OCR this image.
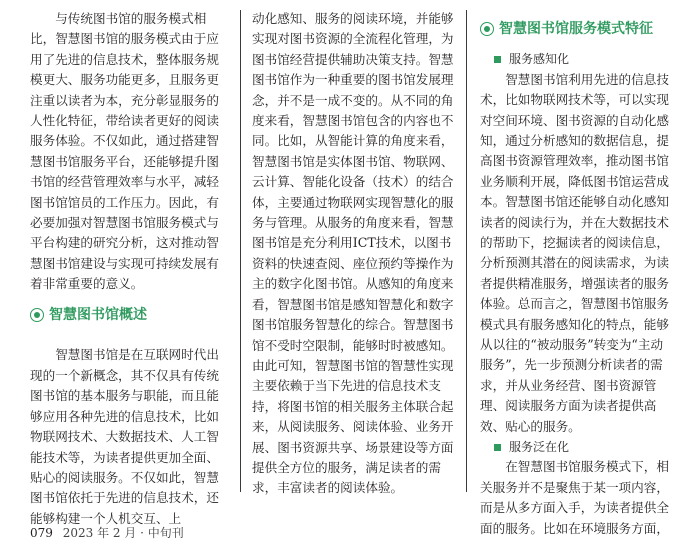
与传统图书馆的服务模式相比，智慧图书馆的服务模式由于应用了先进的信息技术，整体服务规模更大、服务功能更多，且服务更注重以读者为本，充分彰显服务的人性化特征，带给读者更好的阅读服务体验。不仅如此，通过搭建智慧图书馆服务平台，还能够提升图书馆的经营管理效率与水平，减轻图书馆馆员的工作压力。因此，有必要加强对智慧图书馆服务模式与平台构建的研究分析，这对推动智慧图书馆建设与实现可持续发展有着非常重要的意义。

智慧图书馆概述

智慧图书馆是在互联网时代出现的一个新概念，其不仅具有传统图书馆的基本服务与职能，而且能够应用各种先进的信息技术，比如物联网技术、大数据技术、人工智能技术等，为读者提供更加全面、贴心的阅读服务。不仅如此，智慧图书馆依托于先进的信息技术，还能够构建一个人机交互、上

动化感知、服务的阅读环境，并能够实现对图书资源的全流程化管理，为图书馆经营提供辅助决策支持。智慧图书馆作为一种重要的图书馆发展理念，并不是一成不变的。从不同的角度来看，智慧图书馆包含的内容也不同。比如，从智能计算的角度来看，智慧图书馆是实体图书馆、物联网、云计算、智能化设备（技术）的结合体，主要通过物联网实现智慧化的服务与管理。从服务的角度来看，智慧图书馆是充分利用ICT技术，以图书资料的快速查阅、座位预约等操作为主的数字化图书馆。从感知的角度来看，智慧图书馆是感知智慧化和数字图书馆服务智慧化的综合。智慧图书馆不受时空限制，能够时时被感知。由此可知，智慧图书馆的智慧性实现主要依赖于当下先进的信息技术支持，将图书馆的相关服务主体联合起来，从阅读服务、阅读体验、业务开展、图书资源共享、场景建设等方面提供全方位的服务，满足读者的需求，丰富读者的阅读体验。

智慧图书馆服务模式特征
服务感知化

智慧图书馆利用先进的信息技术，比如物联网技术等，可以实现对空间环境、图书资源的自动化感知，通过分析感知的数据信息，提高图书资源管理效率，推动图书馆业务顺利开展，降低图书馆运营成本。智慧图书馆还能够自动化感知读者的阅读行为，并在大数据技术的帮助下，挖掘读者的阅读信息，分析预测其潜在的阅读需求，为读者提供精准服务，增强读者的服务体验。总而言之，智慧图书馆服务模式具有服务感知化的特点，能够从以往的“被动服务”转变为“主动服务”，先一步预测分析读者的需求，并从业务经营、图书资源管理、阅读服务方面为读者提供高效、贴心的服务。

服务泛在化

在智慧图书馆服务模式下，相关服务并不是聚焦于某一项内容，而是从多方面入手，为读者提供全面的服务。比如在环境服务方面，

079 2023 年 2 月 · 中旬刊
